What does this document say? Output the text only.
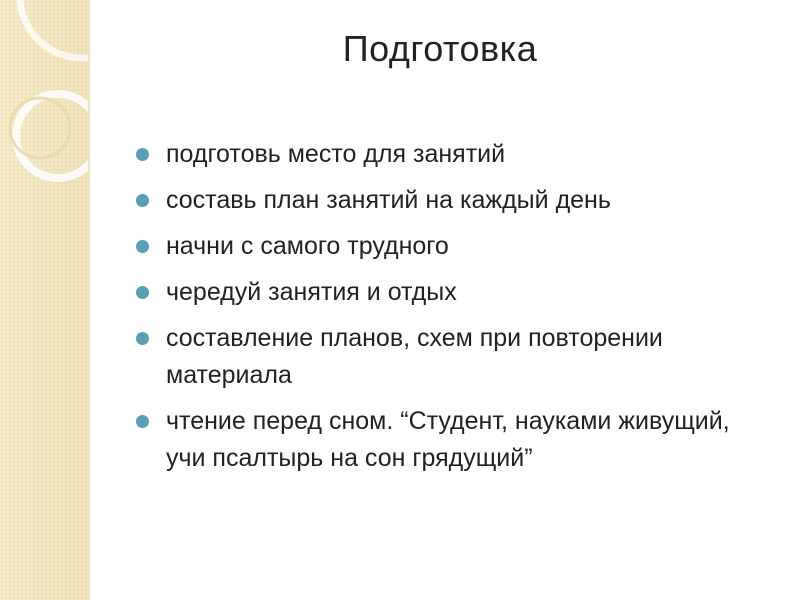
Подготовка
подготовь место для занятий
составь план занятий на каждый день
начни с самого трудного
чередуй занятия и отдых
составление планов, схем при повторении материала
чтение перед сном. “Студент, науками живущий, учи псалтырь на сон грядущий”
